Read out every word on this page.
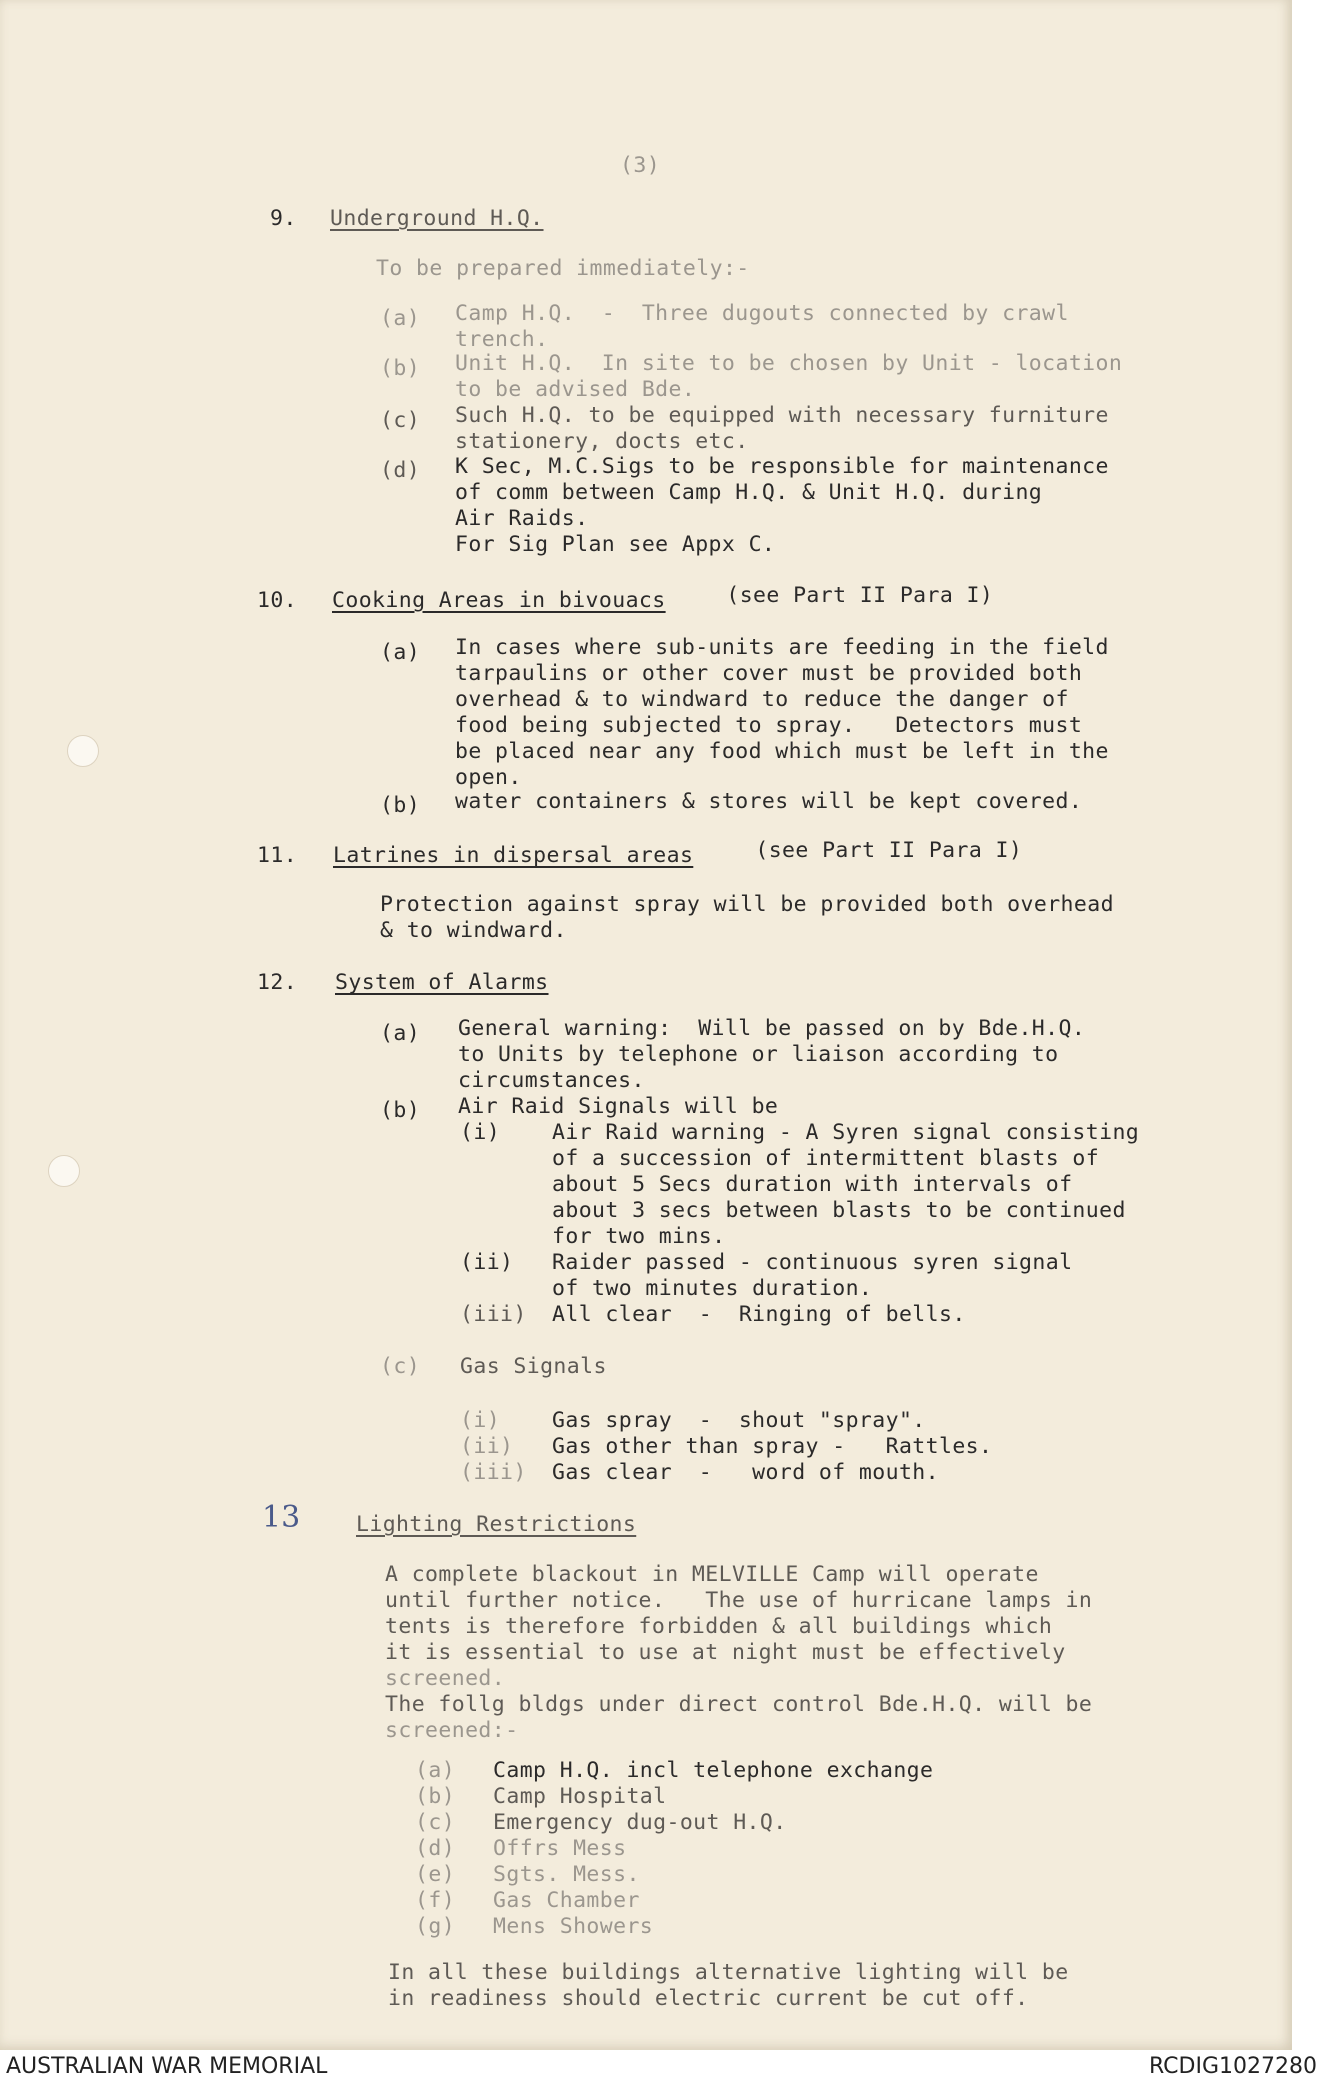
(3)
9. Underground H.Q.
To be prepared immediately:-
(a) Camp H.Q.  -  Three dugouts connected by crawl
trench.
(b) Unit H.Q.  In site to be chosen by Unit - location
to be advised Bde.
(c) Such H.Q. to be equipped with necessary furniture
stationery, docts etc.
(d) K Sec, M.C.Sigs to be responsible for maintenance
of comm between Camp H.Q. & Unit H.Q. during
Air Raids.
For Sig Plan see Appx C.
10. Cooking Areas in bivouacs (see Part II Para I)
(a) In cases where sub-units are feeding in the field
tarpaulins or other cover must be provided both
overhead & to windward to reduce the danger of
food being subjected to spray.   Detectors must
be placed near any food which must be left in the
open.
(b) water containers & stores will be kept covered.
11. Latrines in dispersal areas (see Part II Para I)
Protection against spray will be provided both overhead
& to windward.
12. System of Alarms
(a) General warning:  Will be passed on by Bde.H.Q.
to Units by telephone or liaison according to
circumstances.
(b) Air Raid Signals will be
(i) Air Raid warning - A Syren signal consisting
of a succession of intermittent blasts of
about 5 Secs duration with intervals of
about 3 secs between blasts to be continued
for two mins.
(ii) Raider passed - continuous syren signal
of two minutes duration.
(iii) All clear  -  Ringing of bells.
(c) Gas Signals
(i) Gas spray  -  shout "spray".
(ii) Gas other than spray -   Rattles.
(iii) Gas clear  -   word of mouth.
13	Lighting Restrictions
A complete blackout in MELVILLE Camp will operate
until further notice.   The use of hurricane lamps in
tents is therefore forbidden & all buildings which
it is essential to use at night must be effectively
screened.
The follg bldgs under direct control Bde.H.Q. will be
screened:-
(a) Camp H.Q. incl telephone exchange
(b) Camp Hospital
(c) Emergency dug-out H.Q.
(d) Offrs Mess
(e) Sgts. Mess.
(f) Gas Chamber
(g) Mens Showers
In all these buildings alternative lighting will be
in readiness should electric current be cut off.
AUSTRALIAN WAR MEMORIAL	RCDIG1027280
